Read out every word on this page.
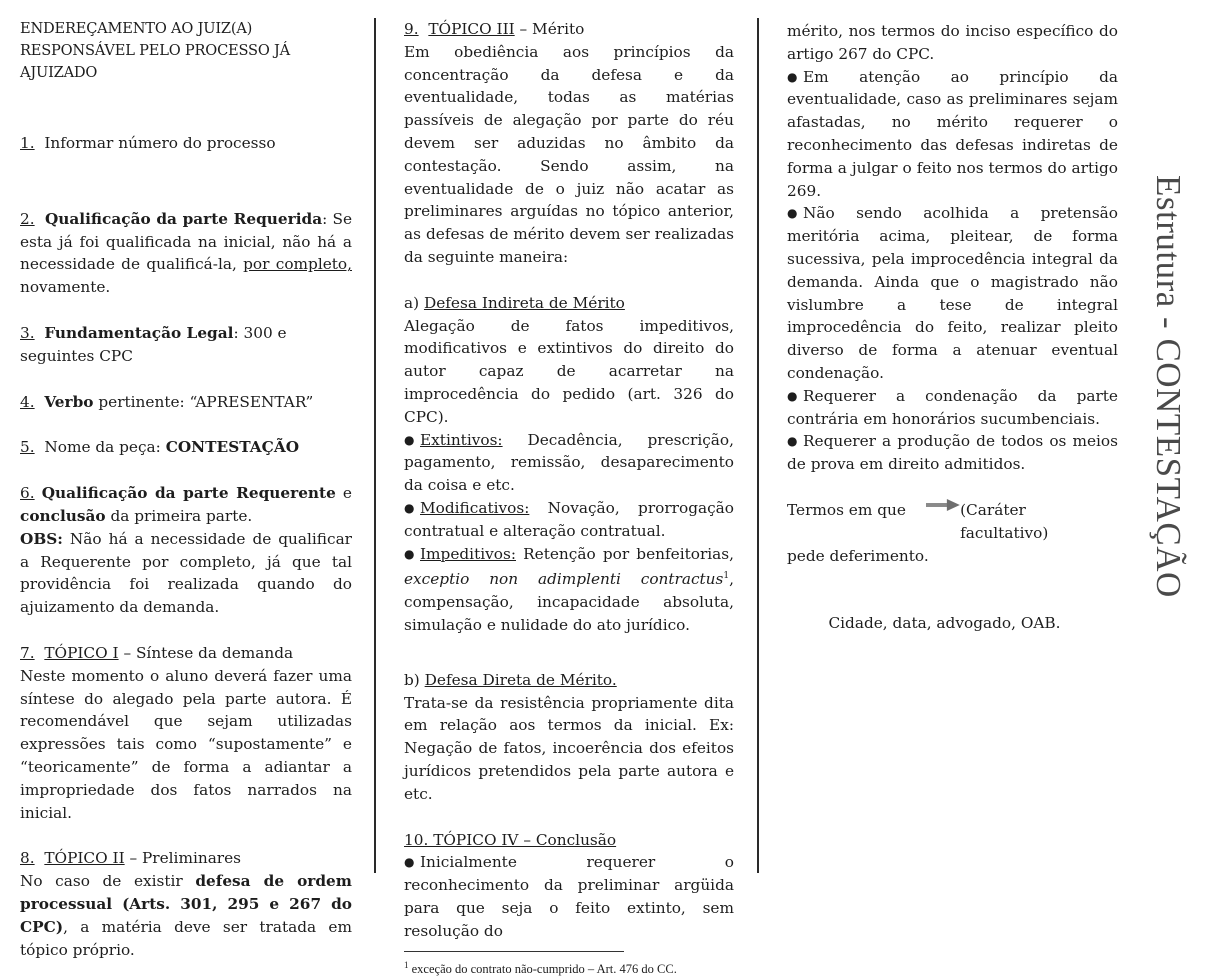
ENDEREÇAMENTO AO JUIZ(A) RESPONSÁVEL PELO PROCESSO JÁ AJUIZADO

1. Informar número do processo

2. Qualificação da parte Requerida: Se esta já foi qualificada na inicial, não há a necessidade de qualificá-la, por completo, novamente.

3. Fundamentação Legal: 300 e seguintes CPC

4. Verbo pertinente: “APRESENTAR”

5. Nome da peça: CONTESTAÇÃO

6. Qualificação da parte Requerente e conclusão da primeira parte.

OBS: Não há a necessidade de qualificar a Requerente por completo, já que tal providência foi realizada quando do ajuizamento da demanda.

7. TÓPICO I – Síntese da demanda

Neste momento o aluno deverá fazer uma síntese do alegado pela parte autora. É recomendável que sejam utilizadas expressões tais como “supostamente” e “teoricamente” de forma a adiantar a impropriedade dos fatos narrados na inicial.

8. TÓPICO II – Preliminares

No caso de existir defesa de ordem processual (Arts. 301, 295 e 267 do CPC), a matéria deve ser tratada em tópico próprio.

9. TÓPICO III – Mérito

Em obediência aos princípios da concentração da defesa e da eventualidade, todas as matérias passíveis de alegação por parte do réu devem ser aduzidas no âmbito da contestação. Sendo assim, na eventualidade de o juiz não acatar as preliminares arguídas no tópico anterior, as defesas de mérito devem ser realizadas da seguinte maneira:

a) Defesa Indireta de Mérito

Alegação de fatos impeditivos, modificativos e extintivos do direito do autor capaz de acarretar na improcedência do pedido (art. 326 do CPC).

● Extintivos: Decadência, prescrição, pagamento, remissão, desaparecimento da coisa e etc.

● Modificativos: Novação, prorrogação contratual e alteração contratual.

● Impeditivos: Retenção por benfeitorias, exceptio non adimplenti contractus$^1$, compensação, incapacidade absoluta, simulação e nulidade do ato jurídico.

b) Defesa Direta de Mérito.

Trata-se da resistência propriamente dita em relação aos termos da inicial. Ex: Negação de fatos, incoerência dos efeitos jurídicos pretendidos pela parte autora e etc.

10. TÓPICO IV – Conclusão

● Inicialmente requerer o reconhecimento da preliminar argüida para que seja o feito extinto, sem resolução do

$^1$ exceção do contrato não-cumprido – Art. 476 do CC.

mérito, nos termos do inciso específico do artigo 267 do CPC.

● Em atenção ao princípio da eventualidade, caso as preliminares sejam afastadas, no mérito requerer o reconhecimento das defesas indiretas de forma a julgar o feito nos termos do artigo 269.

● Não sendo acolhida a pretensão meritória acima, pleitear, de forma sucessiva, pela improcedência integral da demanda. Ainda que o magistrado não vislumbre a tese de integral improcedência do feito, realizar pleito diverso de forma a atenuar eventual condenação.

● Requerer a condenação da parte contrária em honorários sucumbenciais.

● Requerer a produção de todos os meios de prova em direito admitidos.

Termos em que	(Caráter facultativo)

pede deferimento.

Cidade, data, advogado, OAB.

Estrutura - CONTESTAÇÃO
